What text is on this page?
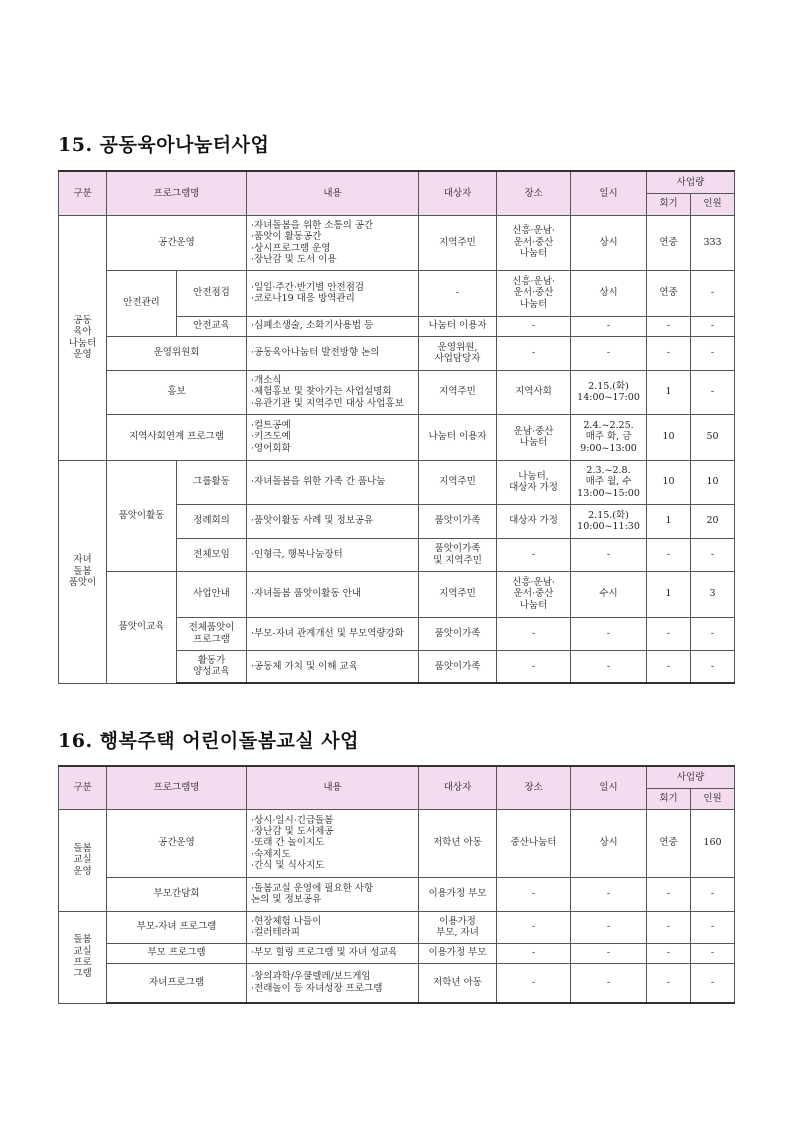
15. 공동육아나눔터사업
구분	프로그램명		내용	대상자	장소	일시	사업량	
							회기	인원
공동
육아
나눔터
운영	공간운영		·자녀돌봄을 위한 소통의 공간
·품앗이 활동공간
·상시프로그램 운영
·장난감 및 도서 이용	지역주민	신흥·운남·
운서·중산
나눔터	상시	연중	333
	안전관리	안전점검	·일일·주간·반기별 안전점검
·코로나19 대응 방역관리	-	신흥·운남·
운서·중산
나눔터	상시	연중	-
		안전교육	·심폐소생술, 소화기사용법 등	나눔터 이용자	-	-	-	-
	운영위원회		·공동육아나눔터 발전방향 논의	운영위원,
사업담당자	-	-	-	-
	홍보		·개소식
·체험홍보 및 찾아가는 사업설명회
·유관기관 및 지역주민 대상 사업홍보	지역주민	지역사회	2.15.(화)
14:00~17:00	1	-
	지역사회연계 프로그램		·컬트공예
·키즈도예
·영어회화	나눔터 이용자	운남·중산
나눔터	2.4.~2.25.
매주 화, 금
9:00~13:00	10	50
자녀
돌봄
품앗이	품앗이활동	그룹활동	·자녀돌봄을 위한 가족 간 품나눔	지역주민	나눔터,
대상자 가정	2.3.~2.8.
매주 월, 수
13:00~15:00	10	10
		정례회의	·품앗이활동 사례 및 정보공유	품앗이가족	대상자 가정	2.15.(화)
10:00~11:30	1	20
		전체모임	·인형극, 행복나눔장터	품앗이가족
및 지역주민	-	-	-	-
	품앗이교육	사업안내	·자녀돌봄 품앗이활동 안내	지역주민	신흥·운남·
운서·중산
나눔터	수시	1	3
		전체품앗이
프로그램	·부모-자녀 관계개선 및 부모역량강화	품앗이가족	-	-	-	-
		활동가
양성교육	·공동체 가치 및 이해 교육	품앗이가족	-	-	-	-
16. 행복주택 어린이돌봄교실 사업
구분	프로그램명	내용	대상자	장소	일시	사업량	
						회기	인원
돌봄
교실
운영	공간운영	·상시·일시·긴급돌봄
·장난감 및 도서제공
·또래 간 놀이지도
·숙제지도
·간식 및 식사지도	저학년 아동	중산나눔터	상시	연중	160
	부모간담회	·돌봄교실 운영에 필요한 사항
논의 및 정보공유	이용가정 부모	-	-	-	-
돌봄
교실
프로
그램	부모-자녀 프로그램	·현장체험 나들이
·컬러테라피	이용가정
부모, 자녀	-	-	-	-
	부모 프로그램	·부모 힐링 프로그램 및 자녀 성교육	이용가정 부모	-	-	-	-
	자녀프로그램	·창의과학/우쿨렐레/보드게임
·전래놀이 등 자녀성장 프로그램	저학년 아동	-	-	-	-
